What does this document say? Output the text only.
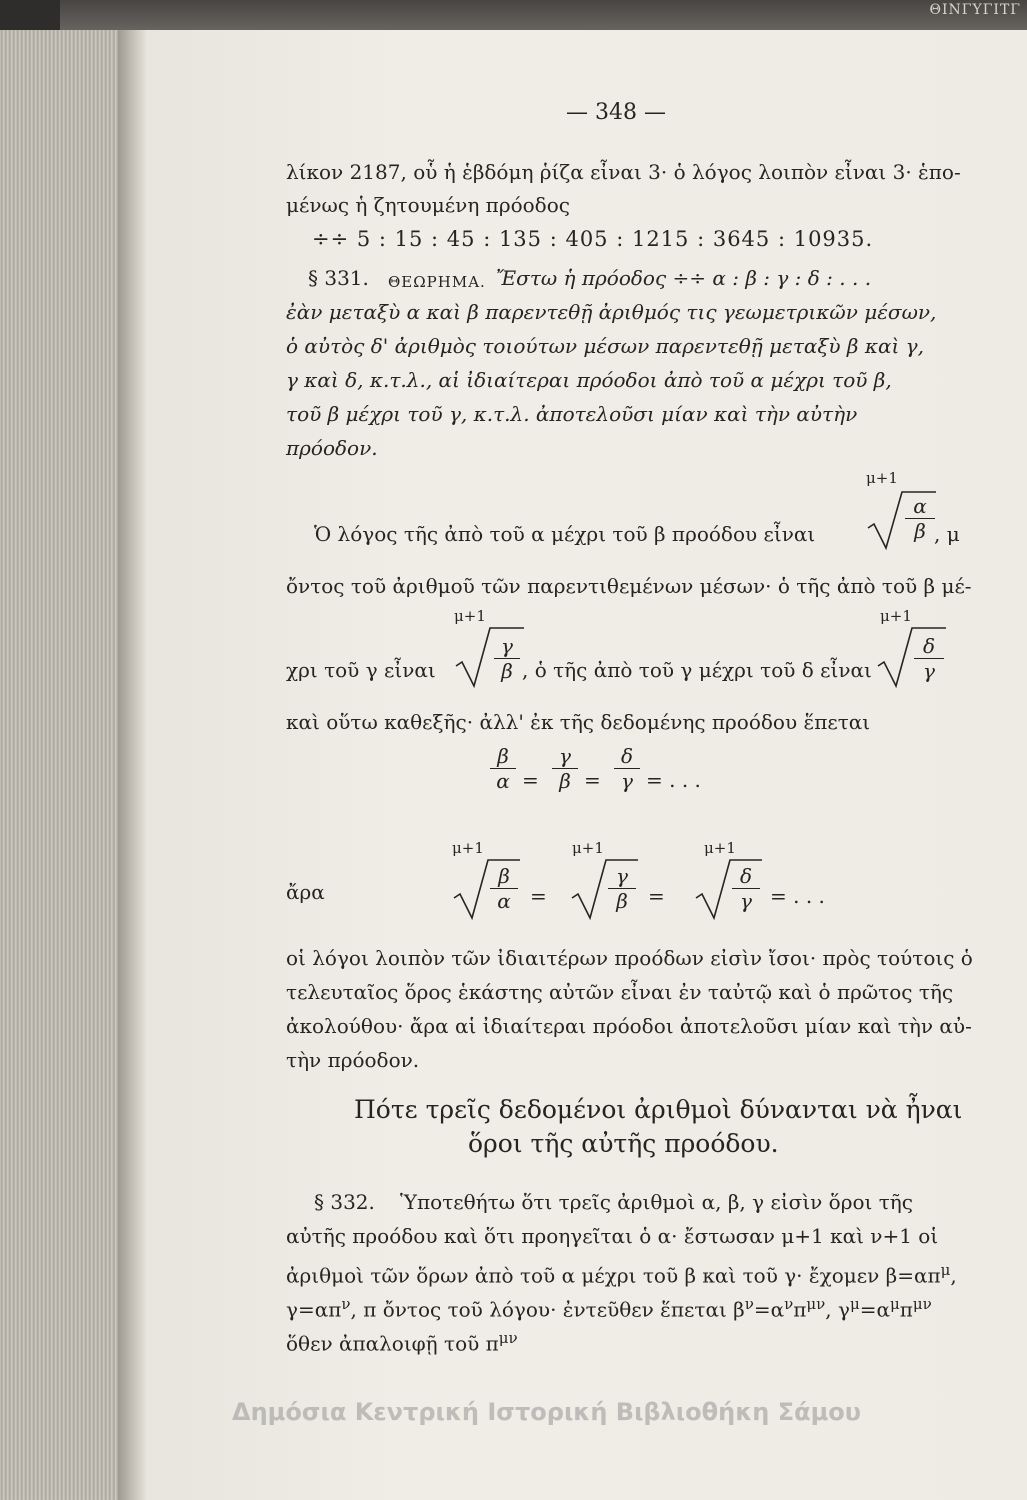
ΘΙΝΓΥΓΙΤΓ
— 348 —
λίκον 2187, οὗ ἡ ἑβδόμη ῥίζα εἶναι 3· ὁ λόγος λοιπὸν εἶναι 3· ἑπο-
μένως ἡ ζητουμένη πρόοδος
÷÷ 5 : 15 : 45 : 135 : 405 : 1215 : 3645 : 10935.
§ 331. ΘΕΩΡΗΜΑ. Ἔστω ἡ πρόοδος ÷÷ α : β : γ : δ : . . .
ἐὰν μεταξὺ α καὶ β παρεντεθῇ ἀριθμός τις γεωμετρικῶν μέσων,
ὁ αὐτὸς δ' ἀριθμὸς τοιούτων μέσων παρεντεθῇ μεταξὺ β καὶ γ,
γ καὶ δ, κ.τ.λ., αἱ ἰδιαίτεραι πρόοδοι ἀπὸ τοῦ α μέχρι τοῦ β,
τοῦ β μέχρι τοῦ γ, κ.τ.λ. ἀποτελοῦσι μίαν καὶ τὴν αὐτὴν
πρόοδον.
μ+1
Ὁ λόγος τῆς ἀπὸ τοῦ α μέχρι τοῦ β προόδου εἶναι
α
β , μ
ὄντος τοῦ ἀριθμοῦ τῶν παρεντιθεμένων μέσων· ὁ τῆς ἀπὸ τοῦ β μέ-
μ+1	μ+1
χρι τοῦ γ εἶναι
γ
β , ὁ τῆς ἀπὸ τοῦ γ μέχρι τοῦ δ εἶναι
δ
γ
καὶ οὕτω καθεξῆς· ἀλλ' ἐκ τῆς δεδομένης προόδου ἕπεται
β
α =
γ
β =
δ
γ = . . .
μ+1	μ+1	μ+1
ἄρα
β
α =
γ
β	=
δ
γ = . . .
οἱ λόγοι λοιπὸν τῶν ἰδιαιτέρων προόδων εἰσὶν ἴσοι· πρὸς τούτοις ὁ
τελευταῖος ὅρος ἑκάστης αὐτῶν εἶναι ἐν ταὐτῷ καὶ ὁ πρῶτος τῆς
ἀκολούθου· ἄρα αἱ ἰδιαίτεραι πρόοδοι ἀποτελοῦσι μίαν καὶ τὴν αὐ-
τὴν πρόοδον.
Πότε τρεῖς δεδομένοι ἀριθμοὶ δύνανται νὰ ἦναι
ὅροι τῆς αὐτῆς προόδου.
§ 332. Ὑποτεθήτω ὅτι τρεῖς ἀριθμοὶ α, β, γ εἰσὶν ὅροι τῆς
αὐτῆς προόδου καὶ ὅτι προηγεῖται ὁ α· ἔστωσαν μ+1 καὶ ν+1 οἱ
ἀριθμοὶ τῶν ὅρων ἀπὸ τοῦ α μέχρι τοῦ β καὶ τοῦ γ· ἔχομεν $\beta=\alpha\pi^\mu$,
$\gamma=\alpha\pi^\nu$, π ὄντος τοῦ λόγου· ἐντεῦθεν ἕπεται $\beta^\nu=\alpha^\nu\pi^{\mu\nu}$, $\gamma^\mu=\alpha^\mu\pi^{\mu\nu}$
ὅθεν ἀπαλοιφῇ τοῦ $\pi^{\mu\nu}$
Δημόσια Κεντρική Ιστορική Βιβλιοθήκη Σάμου
